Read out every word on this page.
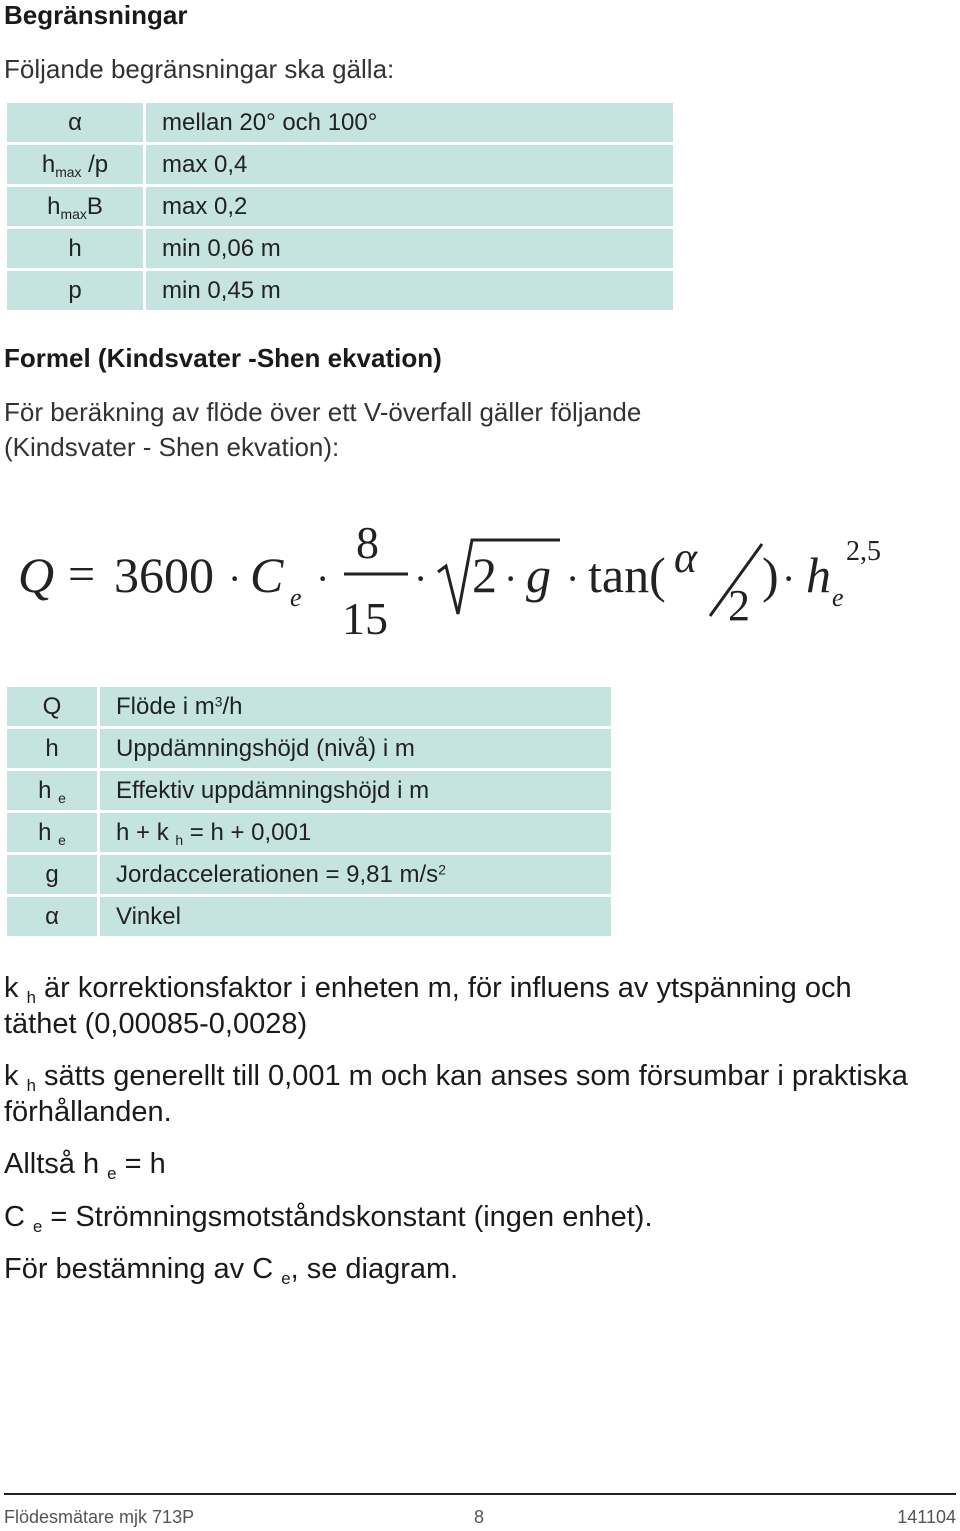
Begränsningar
Följande begränsningar ska gälla:
α	mellan 20° och 100°
$h_{max}$ /p	max 0,4
$h_{max}B$	max 0,2
h	min 0,06 m
p	min 0,45 m
Formel (Kindsvater -Shen ekvation)
För beräkning av flöde över ett V-överfall gäller följande
(Kindsvater - Shen ekvation):
Q = 3600 · C e ·
8
15
· 2 · g · tan( α
2
) · h e
2,5
Q	Flöde i $m^3/h$
h	Uppdämningshöjd (nivå) i m
h $_e$	Effektiv uppdämningshöjd i m
h $_e$	h + k $_h$ = h + 0,001
g	Jordaccelerationen = 9,81 $m/s^2$
α	Vinkel
k $_h$ är korrektionsfaktor i enheten m, för influens av ytspänning och
täthet (0,00085-0,0028)
k $_h$ sätts generellt till 0,001 m och kan anses som försumbar i praktiska
förhållanden.
Alltså h $_e$ = h
C $_e$ = Strömningsmotståndskonstant (ingen enhet).
För bestämning av C $_e$, se diagram.
Flödesmätare mjk 713P	8	141104
